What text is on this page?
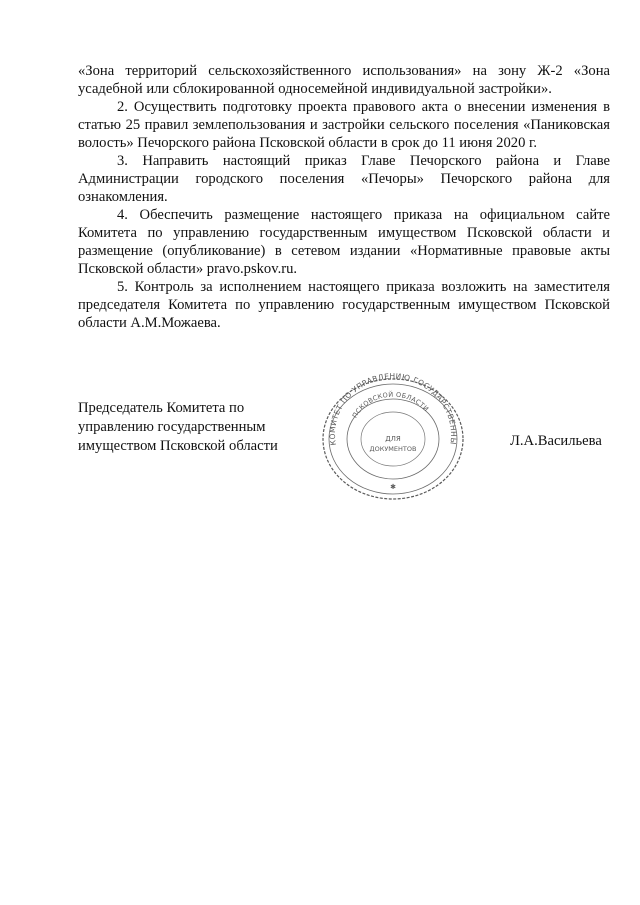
«Зона территорий сельскохозяйственного использования» на зону Ж-2 «Зона усадебной или сблокированной односемейной индивидуальной застройки».

2. Осуществить подготовку проекта правового акта о внесении изменения в статью 25 правил землепользования и застройки сельского поселения «Паниковская волость» Печорского района Псковской области в срок до 11 июня 2020 г.

3. Направить настоящий приказ Главе Печорского района и Главе Администрации городского поселения «Печоры» Печорского района для ознакомления.

4. Обеспечить размещение настоящего приказа на официальном сайте Комитета по управлению государственным имуществом Псковской области и размещение (опубликование) в сетевом издании «Нормативные правовые акты Псковской области» pravo.pskov.ru.

5. Контроль за исполнением настоящего приказа возложить на заместителя председателя Комитета по управлению государственным имуществом Псковской области А.М.Можаева.

Председатель Комитета по
управлению государственным
имуществом Псковской области	КОМИТЕТ ПО УПРАВЛЕНИЮ ГОСУДАРСТВЕННЫ
ПСКОВСКОЙ ОБЛАСТИ
ДЛЯ
ДОКУМЕНТОВ
✱
Л.А.Васильева
